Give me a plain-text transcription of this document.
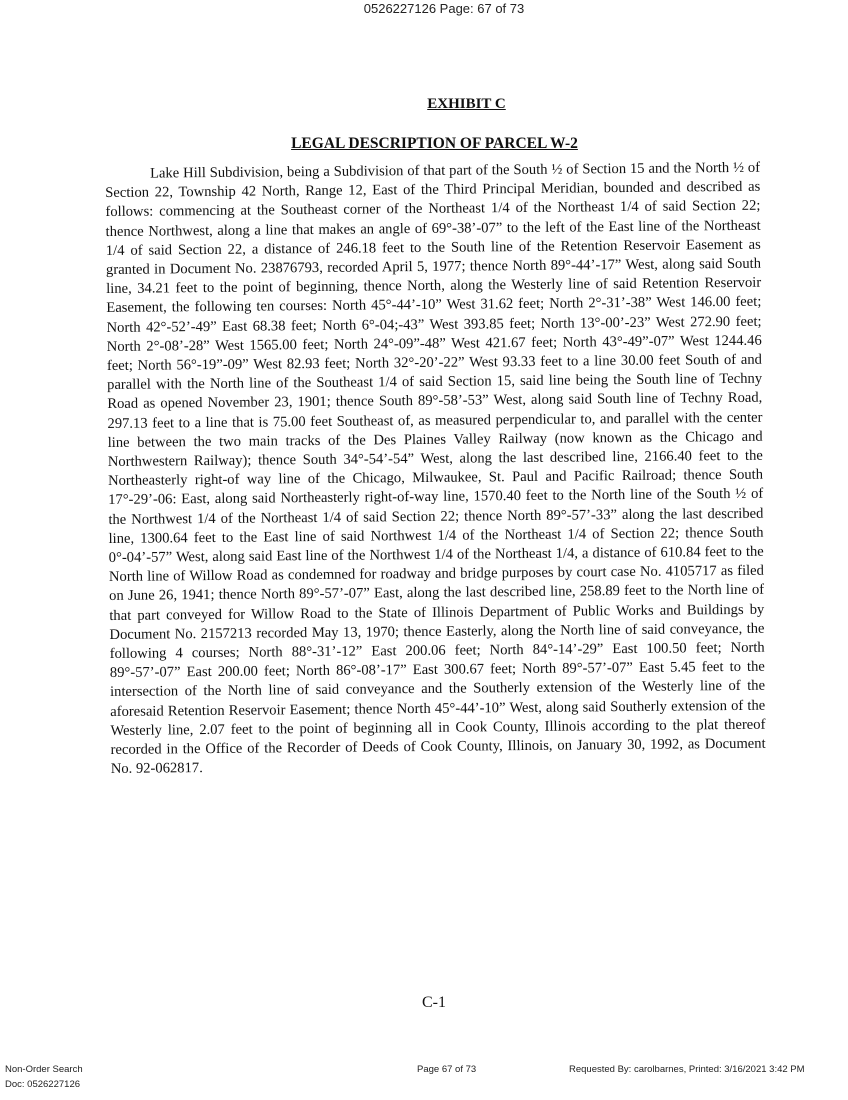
0526227126 Page: 67 of 73
EXHIBIT C
LEGAL DESCRIPTION OF PARCEL W-2

Lake Hill Subdivision, being a Subdivision of that part of the South ½ of Section 15 and the North ½ of Section 22, Township 42 North, Range 12, East of the Third Principal Meridian, bounded and described as follows: commencing at the Southeast corner of the Northeast 1/4 of the Northeast 1/4 of said Section 22; thence Northwest, along a line that makes an angle of 69°-38’-07” to the left of the East line of the Northeast 1/4 of said Section 22, a distance of 246.18 feet to the South line of the Retention Reservoir Easement as granted in Document No. 23876793, recorded April 5, 1977; thence North 89°-44’-17” West, along said South line, 34.21 feet to the point of beginning, thence North, along the Westerly line of said Retention Reservoir Easement, the following ten courses: North 45°-44’-10” West 31.62 feet; North 2°-31’-38” West 146.00 feet; North 42°-52’-49” East 68.38 feet; North 6°-04;-43” West 393.85 feet; North 13°-00’-23” West 272.90 feet; North 2°-08’-28” West 1565.00 feet; North 24°-09”-48” West 421.67 feet; North 43°-49”-07” West 1244.46 feet; North 56°-19”-09” West 82.93 feet; North 32°-20’-22” West 93.33 feet to a line 30.00 feet South of and parallel with the North line of the Southeast 1/4 of said Section 15, said line being the South line of Techny Road as opened November 23, 1901; thence South 89°-58’-53” West, along said South line of Techny Road, 297.13 feet to a line that is 75.00 feet Southeast of, as measured perpendicular to, and parallel with the center line between the two main tracks of the Des Plaines Valley Railway (now known as the Chicago and Northwestern Railway); thence South 34°-54’-54” West, along the last described line, 2166.40 feet to the Northeasterly right-of way line of the Chicago, Milwaukee, St. Paul and Pacific Railroad; thence South 17°-29’-06: East, along said Northeasterly right-of-way line, 1570.40 feet to the North line of the South ½ of the Northwest 1/4 of the Northeast 1/4 of said Section 22; thence North 89°-57’-33” along the last described line, 1300.64 feet to the East line of said Northwest 1/4 of the Northeast 1/4 of Section 22; thence South 0°-04’-57” West, along said East line of the Northwest 1/4 of the Northeast 1/4, a distance of 610.84 feet to the North line of Willow Road as condemned for roadway and bridge purposes by court case No. 4105717 as filed on June 26, 1941; thence North 89°-57’-07” East, along the last described line, 258.89 feet to the North line of that part conveyed for Willow Road to the State of Illinois Department of Public Works and Buildings by Document No. 2157213 recorded May 13, 1970; thence Easterly, along the North line of said conveyance, the following 4 courses; North 88°-31’-12” East 200.06 feet; North 84°-14’-29” East 100.50 feet; North 89°-57’-07” East 200.00 feet; North 86°-08’-17” East 300.67 feet; North 89°-57’-07” East 5.45 feet to the intersection of the North line of said conveyance and the Southerly extension of the Westerly line of the aforesaid Retention Reservoir Easement; thence North 45°-44’-10” West, along said Southerly extension of the Westerly line, 2.07 feet to the point of beginning all in Cook County, Illinois according to the plat thereof recorded in the Office of the Recorder of Deeds of Cook County, Illinois, on January 30, 1992, as Document No. 92-062817.

C-1
Non-Order Search
Doc: 0526227126
Page 67 of 73	Requested By: carolbarnes, Printed: 3/16/2021 3:42 PM
